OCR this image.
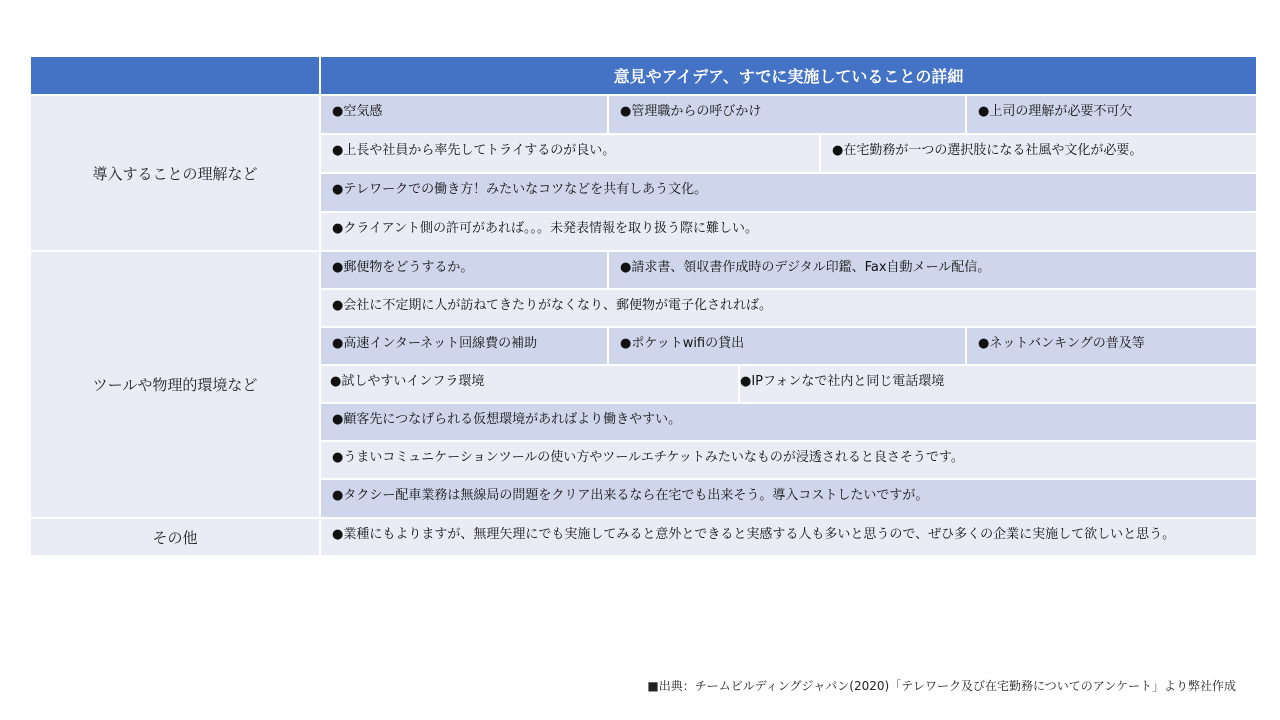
意見やアイデア、すでに実施していることの詳細
導入することの理解など
●空気感	●管理職からの呼びかけ	●上司の理解が必要不可欠
●上長や社員から率先してトライするのが良い。	●在宅勤務が一つの選択肢になる社風や文化が必要。
●テレワークでの働き方！みたいなコツなどを共有しあう文化。
●クライアント側の許可があれば。。。未発表情報を取り扱う際に難しい。
ツールや物理的環境など
●郵便物をどうするか。	●請求書、領収書作成時のデジタル印鑑、Fax自動メール配信。
●会社に不定期に人が訪ねてきたりがなくなり、郵便物が電子化されれば。
●高速インターネット回線費の補助	●ポケットwifiの貸出	●ネットバンキングの普及等
●試しやすいインフラ環境	●IPフォンなで社内と同じ電話環境
●顧客先につなげられる仮想環境があればより働きやすい。
●うまいコミュニケーションツールの使い方やツールエチケットみたいなものが浸透されると良さそうです。
●タクシー配車業務は無線局の問題をクリア出来るなら在宅でも出来そう。導入コストしたいですが。
その他	●業種にもよりますが、無理矢理にでも実施してみると意外とできると実感する人も多いと思うので、ぜひ多くの企業に実施して欲しいと思う。
■出典：チームビルディングジャパン(2020)「テレワーク及び在宅勤務についてのアンケート」より弊社作成
